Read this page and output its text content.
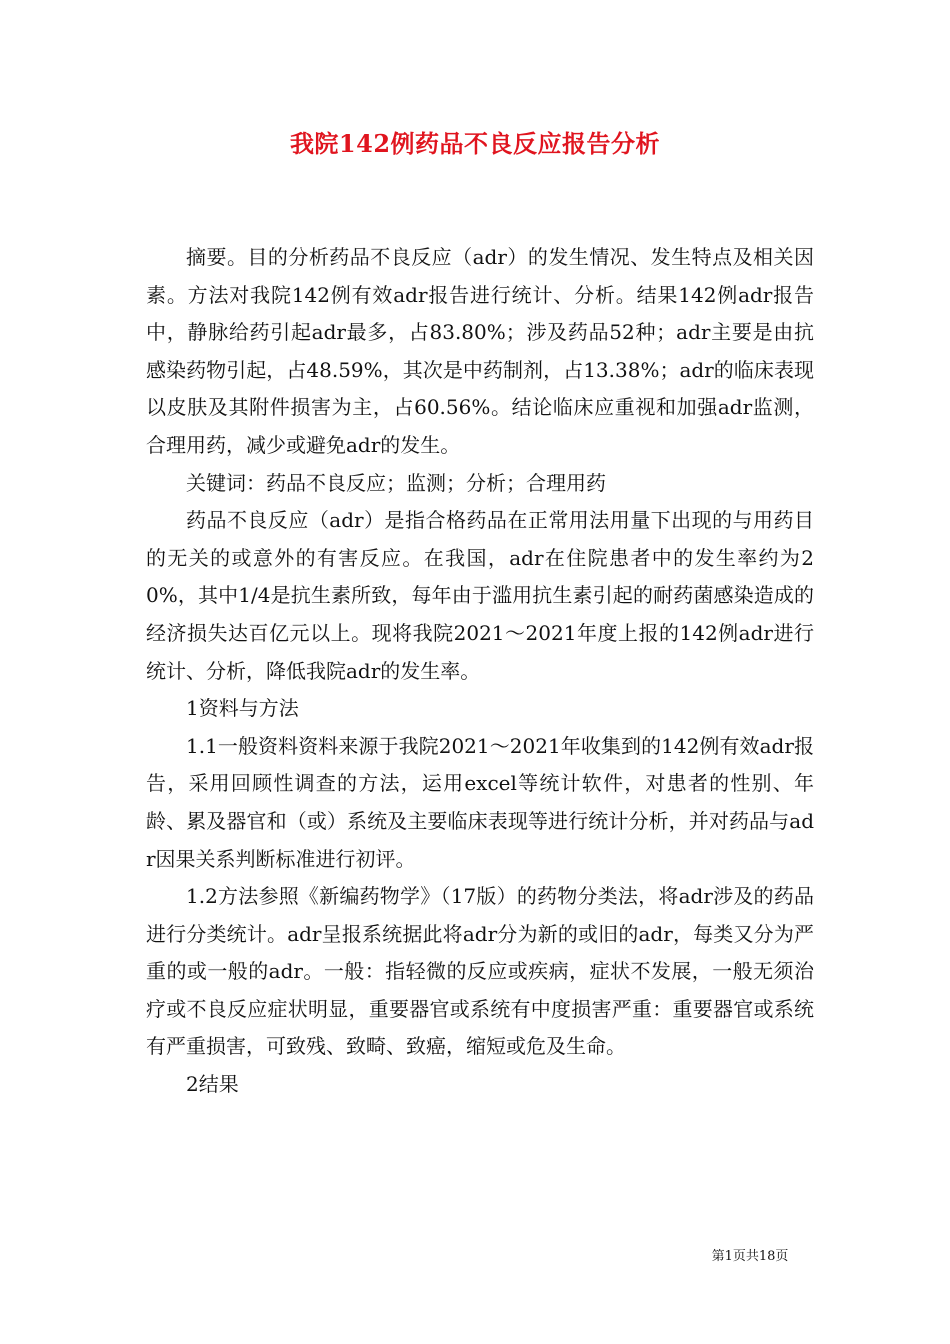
我院142例药品不良反应报告分析

摘要。目的分析药品不良反应（adr）的发生情况、发生特点及相关因素。方法对我院142例有效adr报告进行统计、分析。结果142例adr报告中，静脉给药引起adr最多，占83.80%；涉及药品52种；adr主要是由抗感染药物引起，占48.59%，其次是中药制剂，占13.38%；adr的临床表现以皮肤及其附件损害为主，占60.56%。结论临床应重视和加强adr监测，合理用药，减少或避免adr的发生。

关键词：药品不良反应；监测；分析；合理用药

药品不良反应（adr）是指合格药品在正常用法用量下出现的与用药目的无关的或意外的有害反应。在我国，adr在住院患者中的发生率约为20%，其中1/4是抗生素所致，每年由于滥用抗生素引起的耐药菌感染造成的经济损失达百亿元以上。现将我院2021～2021年度上报的142例adr进行统计、分析，降低我院adr的发生率。

1资料与方法

1.1一般资料资料来源于我院2021～2021年收集到的142例有效adr报告，采用回顾性调查的方法，运用excel等统计软件，对患者的性别、年龄、累及器官和（或）系统及主要临床表现等进行统计分析，并对药品与adr因果关系判断标准进行初评。

1.2方法参照《新编药物学》（17版）的药物分类法，将adr涉及的药品进行分类统计。adr呈报系统据此将adr分为新的或旧的adr，每类又分为严重的或一般的adr。一般：指轻微的反应或疾病，症状不发展，一般无须治疗或不良反应症状明显，重要器官或系统有中度损害严重：重要器官或系统有严重损害，可致残、致畸、致癌，缩短或危及生命。

2结果

第1页共18页
